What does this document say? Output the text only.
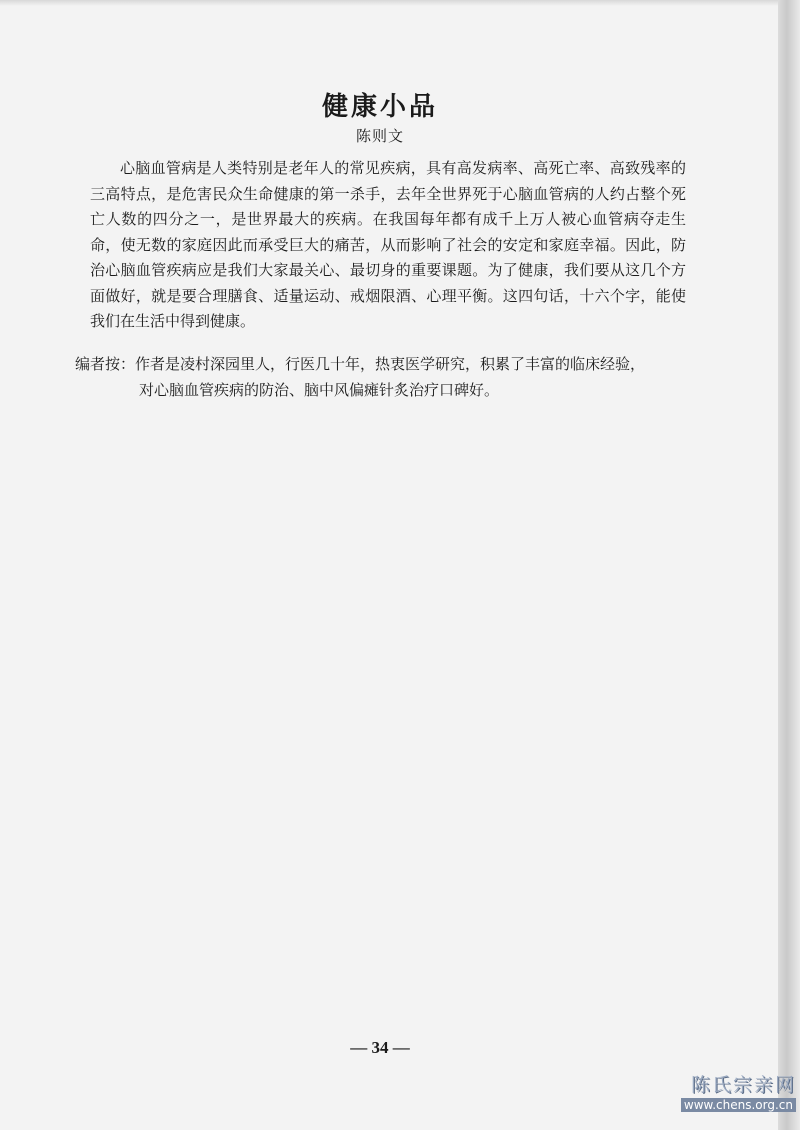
健康小品
陈则文

心脑血管病是人类特别是老年人的常见疾病，具有高发病率、高死亡率、高致残率的三高特点，是危害民众生命健康的第一杀手，去年全世界死于心脑血管病的人约占整个死亡人数的四分之一，是世界最大的疾病。在我国每年都有成千上万人被心血管病夺走生命，使无数的家庭因此而承受巨大的痛苦，从而影响了社会的安定和家庭幸福。因此，防治心脑血管疾病应是我们大家最关心、最切身的重要课题。为了健康，我们要从这几个方面做好，就是要合理膳食、适量运动、戒烟限酒、心理平衡。这四句话，十六个字，能使我们在生活中得到健康。

编者按：作者是凌村深园里人，行医几十年，热衷医学研究，积累了丰富的临床经验，
对心脑血管疾病的防治、脑中风偏瘫针炙治疗口碑好。
— 34 —
陈氏宗亲网
www.chens.org.cn
